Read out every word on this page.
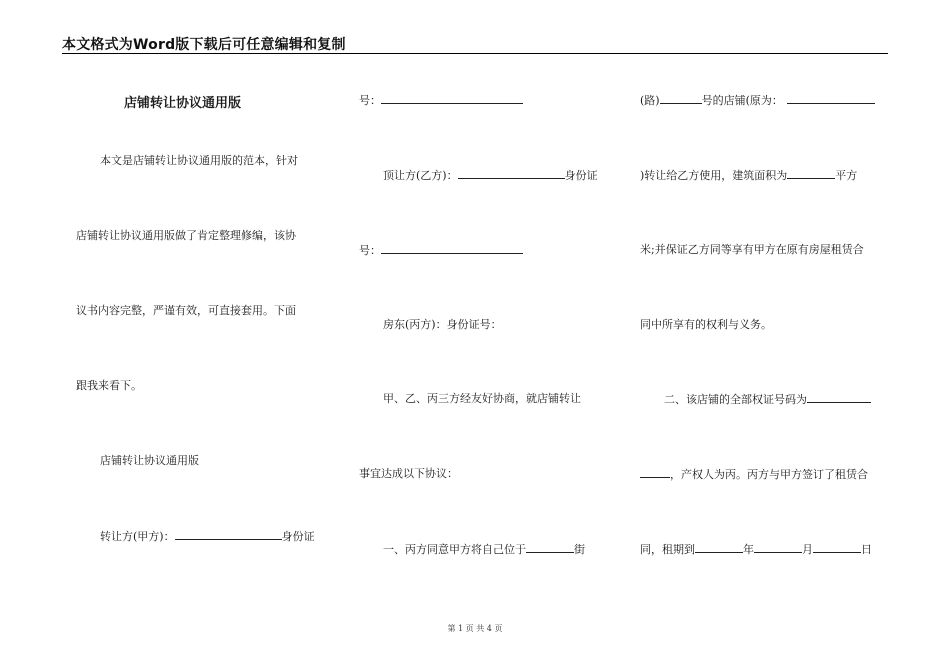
本文格式为Word版下载后可任意编辑和复制
店铺转让协议通用版
本文是店铺转让协议通用版的范本，针对
店铺转让协议通用版做了肯定整理修编，该协
议书内容完整，严谨有效，可直接套用。下面
跟我来看下。
店铺转让协议通用版
转让方(甲方)：	身份证
号：
顶让方(乙方)：	身份证
号：
房东(丙方)：身份证号：
甲、乙、丙三方经友好协商，就店铺转让
事宜达成以下协议：
一、丙方同意甲方将自己位于	街
(路)	号的店铺(原为：
)转让给乙方使用，建筑面积为	平方
米;并保证乙方同等享有甲方在原有房屋租赁合
同中所享有的权利与义务。
二、该店铺的全部权证号码为
，产权人为丙。丙方与甲方签订了租赁合
同，租期到	年	月	日
第 1 页 共 4 页
